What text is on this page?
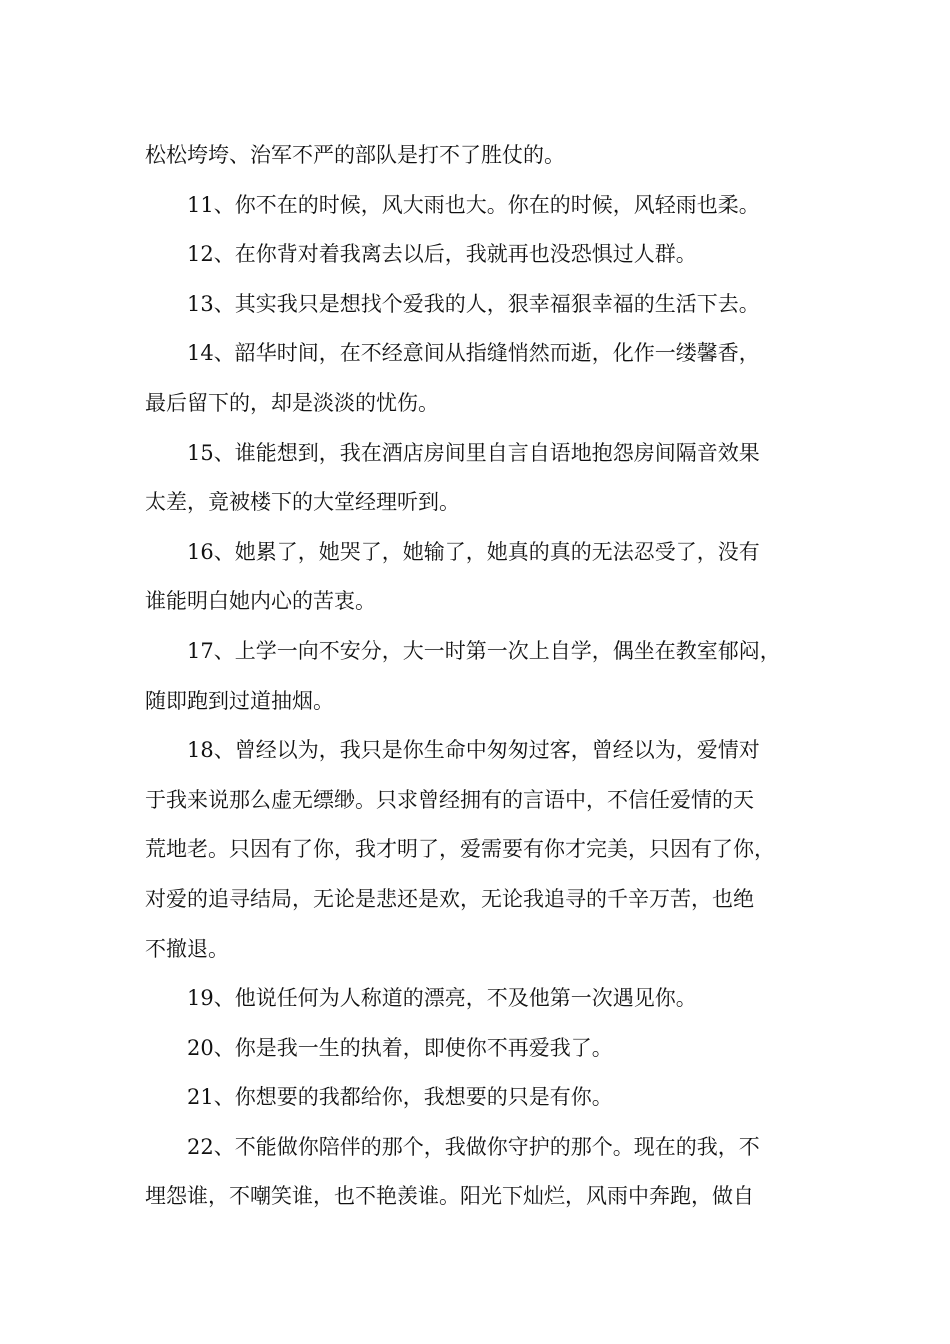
松松垮垮、治军不严的部队是打不了胜仗的。

11、你不在的时候，风大雨也大。你在的时候，风轻雨也柔。

12、在你背对着我离去以后，我就再也没恐惧过人群。

13、其实我只是想找个爱我的人，狠幸福狠幸福的生活下去。

14、韶华时间，在不经意间从指缝悄然而逝，化作一缕馨香，
最后留下的，却是淡淡的忧伤。

15、谁能想到，我在酒店房间里自言自语地抱怨房间隔音效果
太差，竟被楼下的大堂经理听到。

16、她累了，她哭了，她输了，她真的真的无法忍受了，没有
谁能明白她内心的苦衷。

17、上学一向不安分，大一时第一次上自学，偶坐在教室郁闷，
随即跑到过道抽烟。

18、曾经以为，我只是你生命中匆匆过客，曾经以为，爱情对
于我来说那么虚无缥缈。只求曾经拥有的言语中，不信任爱情的天
荒地老。只因有了你，我才明了，爱需要有你才完美，只因有了你，
对爱的追寻结局，无论是悲还是欢，无论我追寻的千辛万苦，也绝
不撤退。

19、他说任何为人称道的漂亮，不及他第一次遇见你。

20、你是我一生的执着，即使你不再爱我了。

21、你想要的我都给你，我想要的只是有你。

22、不能做你陪伴的那个，我做你守护的那个。现在的我，不
埋怨谁，不嘲笑谁，也不艳羡谁。阳光下灿烂，风雨中奔跑，做自
